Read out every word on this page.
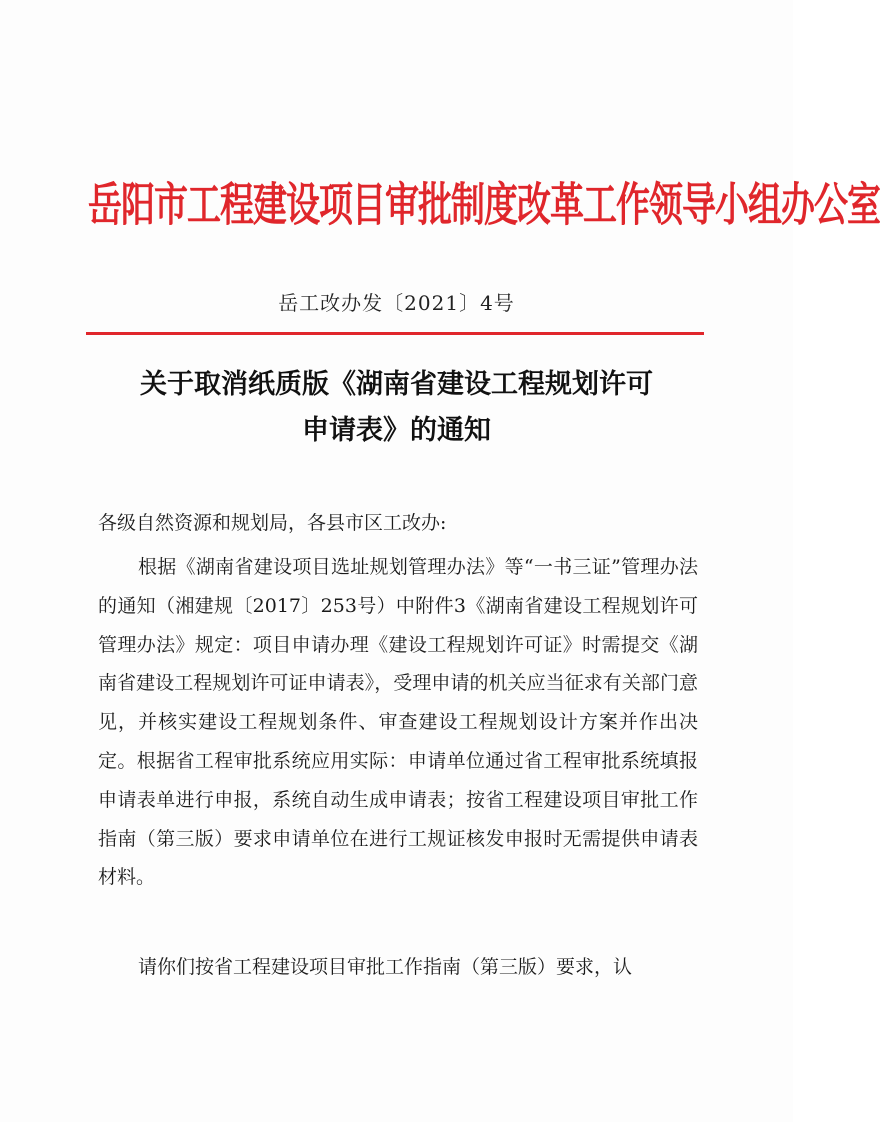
岳阳市工程建设项目审批制度改革工作领导小组办公室
岳工改办发〔2021〕4号
关于取消纸质版《湖南省建设工程规划许可
申请表》的通知
各级自然资源和规划局，各县市区工改办:
根据《湖南省建设项目选址规划管理办法》等“一书三证”管理办法的通知（湘建规〔2017〕253号）中附件3《湖南省建设工程规划许可管理办法》规定：项目申请办理《建设工程规划许可证》时需提交《湖南省建设工程规划许可证申请表》，受理申请的机关应当征求有关部门意见，并核实建设工程规划条件、审查建设工程规划设计方案并作出决定。根据省工程审批系统应用实际：申请单位通过省工程审批系统填报申请表单进行申报，系统自动生成申请表；按省工程建设项目审批工作指南（第三版）要求申请单位在进行工规证核发申报时无需提供申请表材料。
请你们按省工程建设项目审批工作指南（第三版）要求，认
